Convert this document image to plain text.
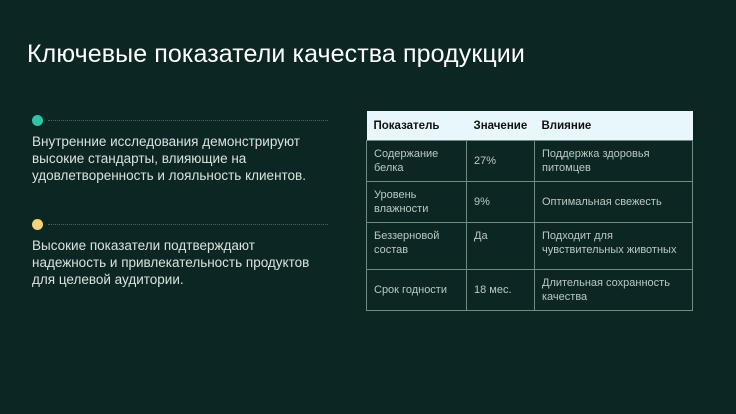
Ключевые показатели качества продукции
Внутренние исследования демонстрируют высокие стандарты, влияющие на удовлетворенность и лояльность клиентов.
Высокие показатели подтверждают надежность и привлекательность продуктов для целевой аудитории.
Показатель	Значение	Влияние
Содержание белка	27%	Поддержка здоровья питомцев
Уровень влажности	9%	Оптимальная свежесть
Беззерновой состав	Да	Подходит для чувствительных животных
Срок годности	18 мес.	Длительная сохранность качества
